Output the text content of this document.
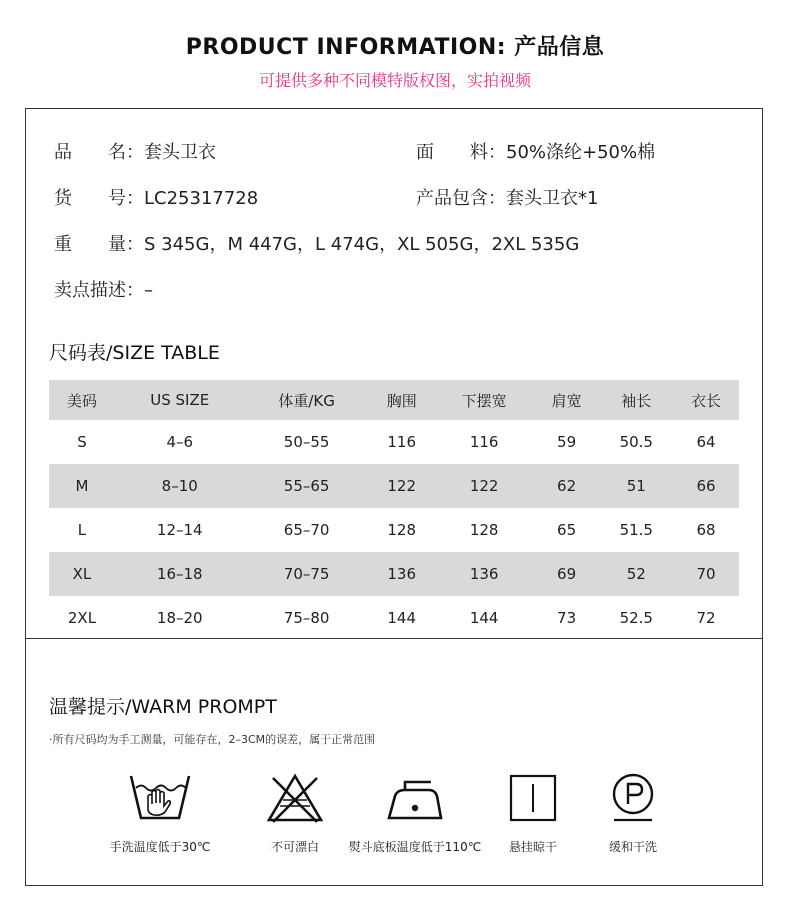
PRODUCT INFORMATION: 产品信息
可提供多种不同模特版权图，实拍视频
品　　名：套头卫衣	面　　料：50%涤纶+50%棉
货　　号：LC25317728	产品包含：套头卫衣*1
重　　量：S 345G，M 447G，L 474G，XL 505G，2XL 535G
卖点描述：–
尺码表/SIZE TABLE
美码	US SIZE	体重/KG	胸围	下摆宽	肩宽	袖长	衣长
S	4–6	50–55	116	116	59	50.5	64
M	8–10	55–65	122	122	62	51	66
L	12–14	65–70	128	128	65	51.5	68
XL	16–18	70–75	136	136	69	52	70
2XL	18–20	75–80	144	144	73	52.5	72
温馨提示/WARM PROMPT
·所有尺码均为手工测量，可能存在，2–3CM的误差，属于正常范围
手洗温度低于30℃	不可漂白	熨斗底板温度低于110℃	悬挂晾干	缓和干洗
